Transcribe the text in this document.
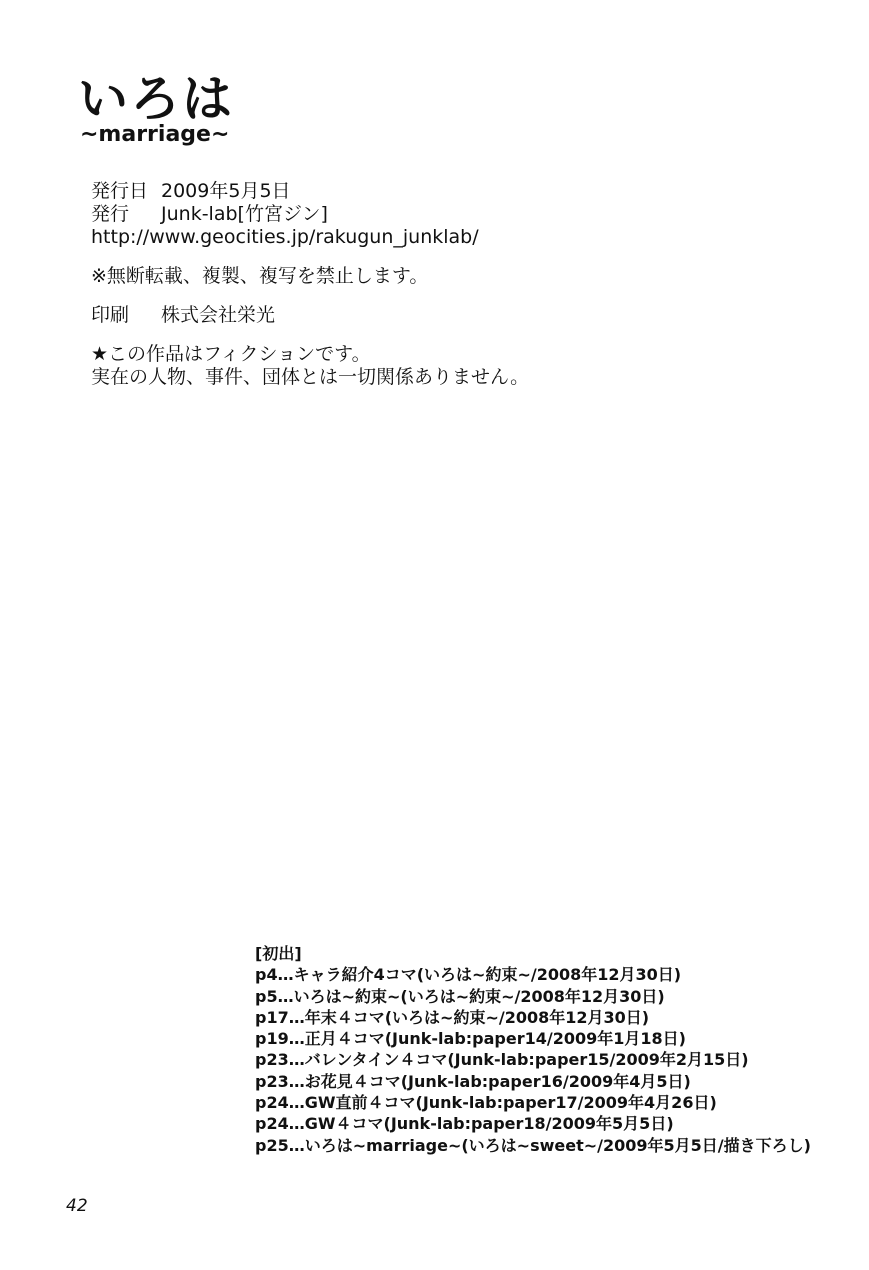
いろは
~marriage~
発行日 2009年5月5日
発行 Junk-lab[竹宮ジン]
http://www.geocities.jp/rakugun_junklab/
※無断転載、複製、複写を禁止します。
印刷 株式会社栄光
★この作品はフィクションです。
実在の人物、事件、団体とは一切関係ありません。
[初出]
p4…キャラ紹介4コマ(いろは~約束~/2008年12月30日)
p5…いろは~約束~(いろは~約束~/2008年12月30日)
p17…年末４コマ(いろは~約束~/2008年12月30日)
p19…正月４コマ(Junk-lab:paper14/2009年1月18日)
p23…バレンタイン４コマ(Junk-lab:paper15/2009年2月15日)
p23…お花見４コマ(Junk-lab:paper16/2009年4月5日)
p24…GW直前４コマ(Junk-lab:paper17/2009年4月26日)
p24…GW４コマ(Junk-lab:paper18/2009年5月5日)
p25…いろは~marriage~(いろは~sweet~/2009年5月5日/描き下ろし)
42
